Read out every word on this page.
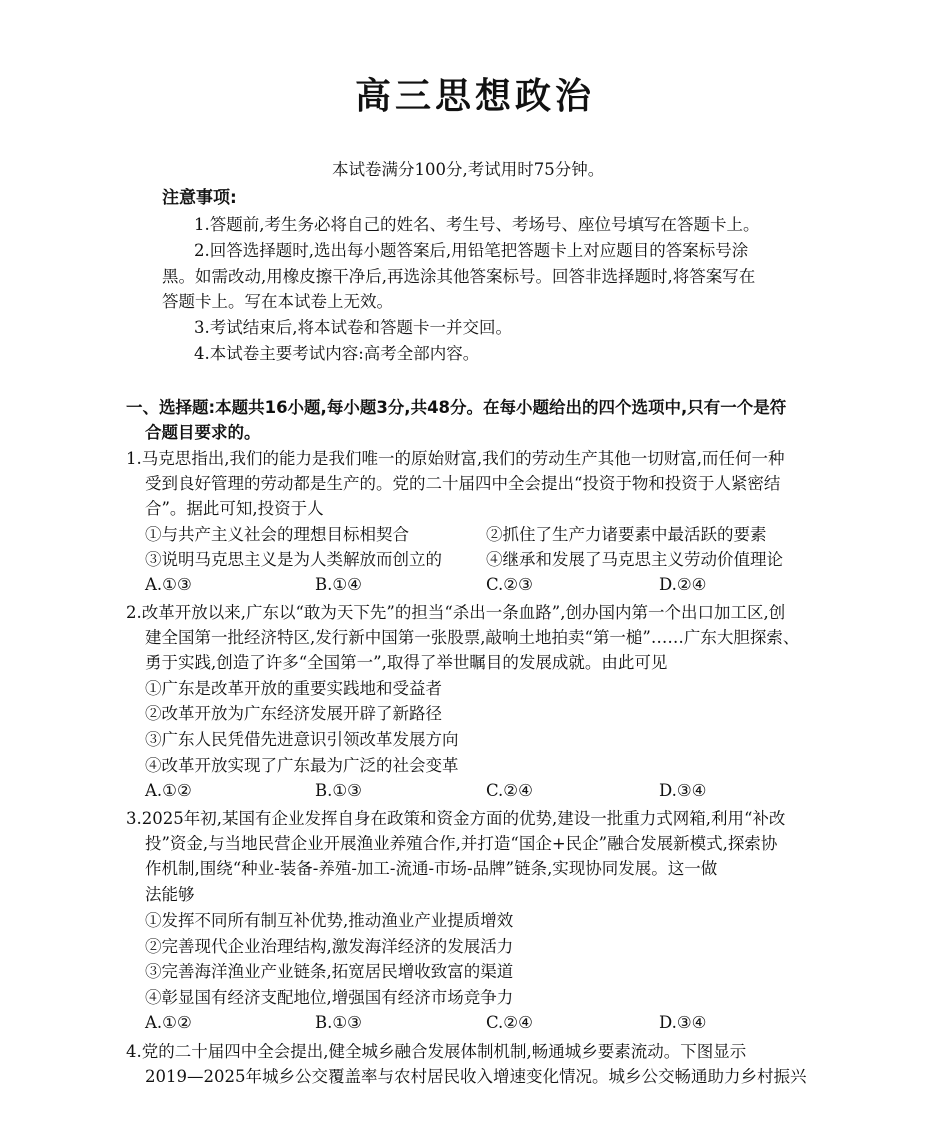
高三思想政治
本试卷满分100分,考试用时75分钟。
注意事项:
1.答题前,考生务必将自己的姓名、考生号、考场号、座位号填写在答题卡上。
2.回答选择题时,选出每小题答案后,用铅笔把答题卡上对应题目的答案标号涂
黑。如需改动,用橡皮擦干净后,再选涂其他答案标号。回答非选择题时,将答案写在
答题卡上。写在本试卷上无效。
3.考试结束后,将本试卷和答题卡一并交回。
4.本试卷主要考试内容:高考全部内容。
一、选择题:本题共16小题,每小题3分,共48分。在每小题给出的四个选项中,只有一个是符
合题目要求的。
1.马克思指出,我们的能力是我们唯一的原始财富,我们的劳动生产其他一切财富,而任何一种
受到良好管理的劳动都是生产的。党的二十届四中全会提出“投资于物和投资于人紧密结
合”。据此可知,投资于人
①与共产主义社会的理想目标相契合	②抓住了生产力诸要素中最活跃的要素
③说明马克思主义是为人类解放而创立的	④继承和发展了马克思主义劳动价值理论
A.①③	B.①④	C.②③	D.②④
2.改革开放以来,广东以“敢为天下先”的担当“杀出一条血路”,创办国内第一个出口加工区,创
建全国第一批经济特区,发行新中国第一张股票,敲响土地拍卖“第一槌”……广东大胆探索、
勇于实践,创造了许多“全国第一”,取得了举世瞩目的发展成就。由此可见
①广东是改革开放的重要实践地和受益者
②改革开放为广东经济发展开辟了新路径
③广东人民凭借先进意识引领改革发展方向
④改革开放实现了广东最为广泛的社会变革
A.①②	B.①③	C.②④	D.③④
3.2025年初,某国有企业发挥自身在政策和资金方面的优势,建设一批重力式网箱,利用“补改
投”资金,与当地民营企业开展渔业养殖合作,并打造“国企+民企”融合发展新模式,探索协
作机制,围绕“种业-装备-养殖-加工-流通-市场-品牌”链条,实现协同发展。这一做
法能够
①发挥不同所有制互补优势,推动渔业产业提质增效
②完善现代企业治理结构,激发海洋经济的发展活力
③完善海洋渔业产业链条,拓宽居民增收致富的渠道
④彰显国有经济支配地位,增强国有经济市场竞争力
A.①②	B.①③	C.②④	D.③④
4.党的二十届四中全会提出,健全城乡融合发展体制机制,畅通城乡要素流动。下图显示
2019—2025年城乡公交覆盖率与农村居民收入增速变化情况。城乡公交畅通助力乡村振兴
